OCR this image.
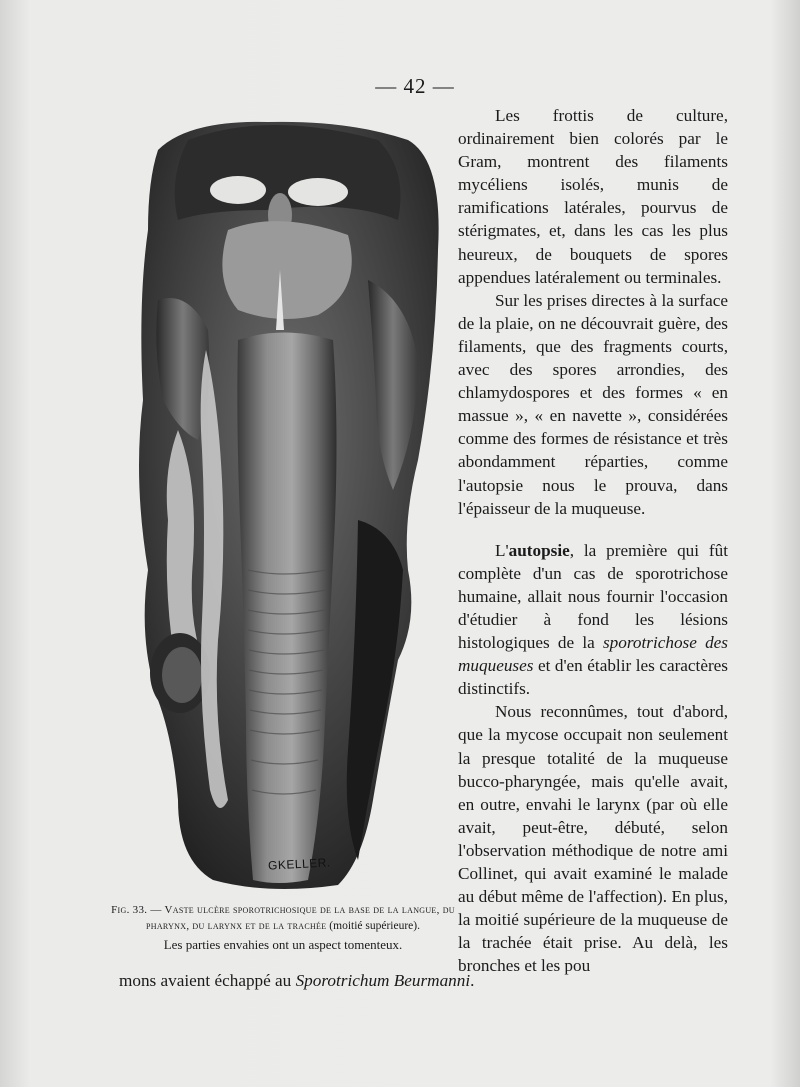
— 42 —
GKELLER.
Fig. 33. — Vaste ulcère sporotrichosique de la base de la langue, du pharynx, du larynx et de la trachée (moitié supérieure).
Les parties envahies ont un aspect tomenteux.

Les frottis de culture, ordinairement bien colorés par le Gram, montrent des filaments mycéliens isolés, munis de ramifications latérales, pourvus de stérigmates, et, dans les cas les plus heureux, de bouquets de spores appendues latéralement ou terminales.

Sur les prises directes à la surface de la plaie, on ne découvrait guère, des filaments, que des fragments courts, avec des spores arrondies, des chlamydospores et des formes « en massue », « en navette », considérées comme des formes de résistance et très abondamment réparties, comme l'autopsie nous le prouva, dans l'épaisseur de la muqueuse.

L'autopsie, la première qui fût complète d'un cas de sporotrichose humaine, allait nous fournir l'occasion d'étudier à fond les lésions histologiques de la sporotrichose des muqueuses et d'en établir les caractères distinctifs.

Nous reconnûmes, tout d'abord, que la mycose occupait non seulement la presque totalité de la muqueuse bucco-pharyngée, mais qu'elle avait, en outre, envahi le larynx (par où elle avait, peut-être, débuté, selon l'observation méthodique de notre ami Collinet, qui avait examiné le malade au début même de l'affection). En plus, la moitié supérieure de la muqueuse de la trachée était prise. Au delà, les bronches et les pou

mons avaient échappé au Sporotrichum Beurmanni.
